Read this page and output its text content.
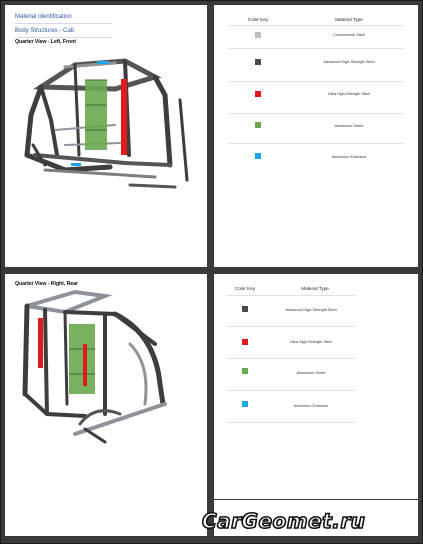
Material Identification
Body Structures - Cab
Quarter View - Left, Front
Color Key	Material Type
Conventional Steel
Advanced High-Strength Steel
Ultra High-Strength Steel
Aluminium Sheet
Aluminium Extrusion
Quarter View - Right, Rear
Color Key	Material Type
Advanced High-Strength Steel
Ultra High-Strength Steel
Aluminium Sheet
Aluminium Extrusion
CarGeomet.ru
